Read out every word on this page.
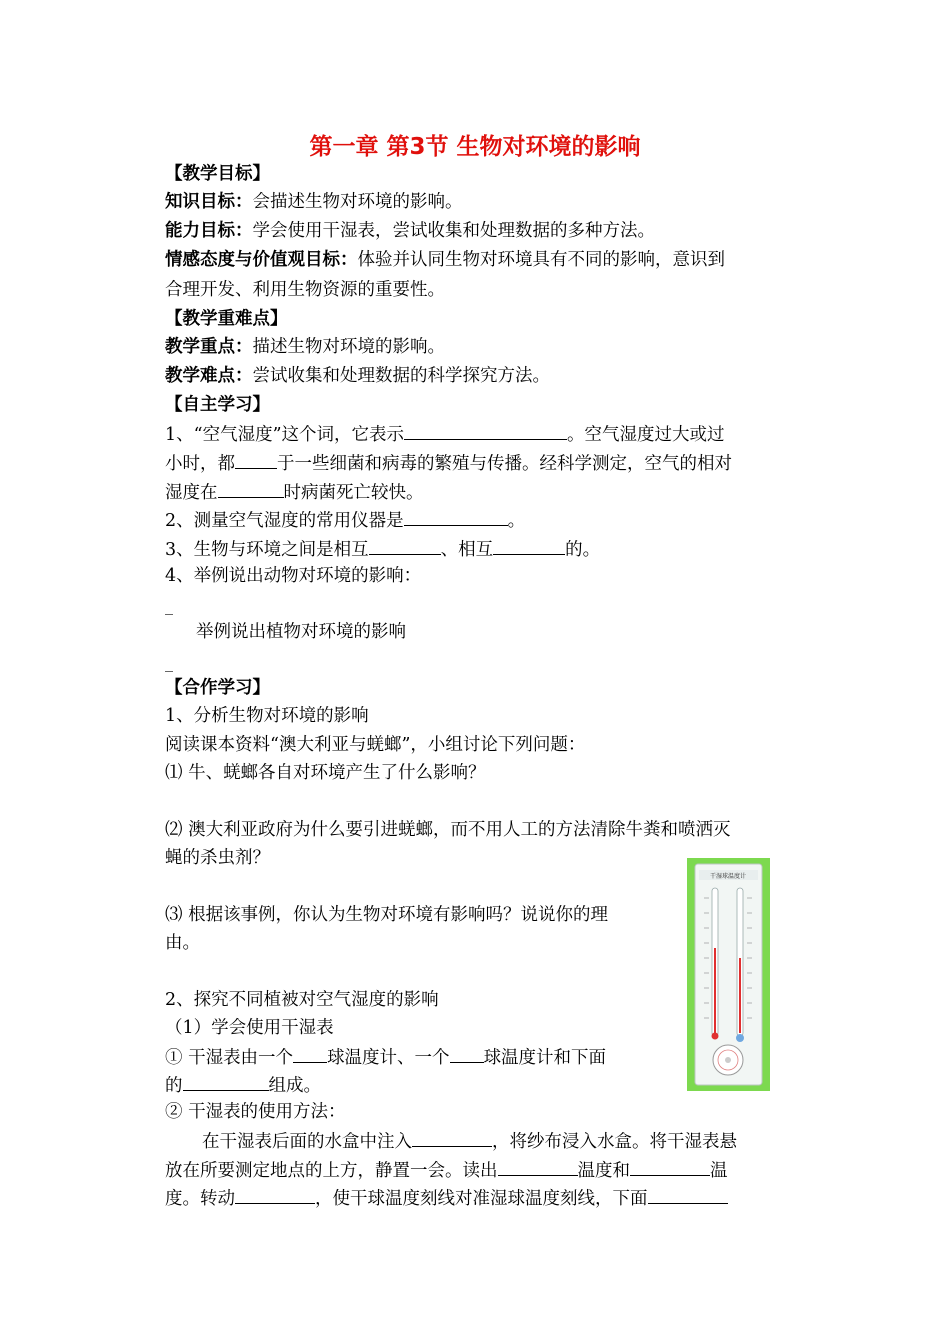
第一章 第3节 生物对环境的影响
【教学目标】
知识目标：会描述生物对环境的影响。
能力目标：学会使用干湿表，尝试收集和处理数据的多种方法。
情感态度与价值观目标：体验并认同生物对环境具有不同的影响，意识到
合理开发、利用生物资源的重要性。
【教学重难点】
教学重点：描述生物对环境的影响。
教学难点：尝试收集和处理数据的科学探究方法。
【自主学习】
1、“空气湿度”这个词，它表示	。空气湿度过大或过
小时，都 于一些细菌和病毒的繁殖与传播。经科学测定，空气的相对
湿度在	时病菌死亡较快。
2、测量空气湿度的常用仪器是	。
3、生物与环境之间是相互	、相互	的。
4、举例说出动物对环境的影响：
_
举例说出植物对环境的影响
_
【合作学习】
1、分析生物对环境的影响
阅读课本资料“澳大利亚与蜣螂”，小组讨论下列问题：
⑴ 牛、蜣螂各自对环境产生了什么影响？
⑵ 澳大利亚政府为什么要引进蜣螂，而不用人工的方法清除牛粪和喷洒灭
蝇的杀虫剂？
⑶ 根据该事例，你认为生物对环境有影响吗？说说你的理
由。
2、探究不同植被对空气湿度的影响
（1）学会使用干湿表
① 干湿表由一个 球温度计、一个 球温度计和下面
的	组成。
② 干湿表的使用方法：
在干湿表后面的水盒中注入	，将纱布浸入水盒。将干湿表悬
放在所要测定地点的上方，静置一会。读出	温度和	温
度。转动	，使干球温度刻线对准湿球温度刻线，下面
干湿球温度计
